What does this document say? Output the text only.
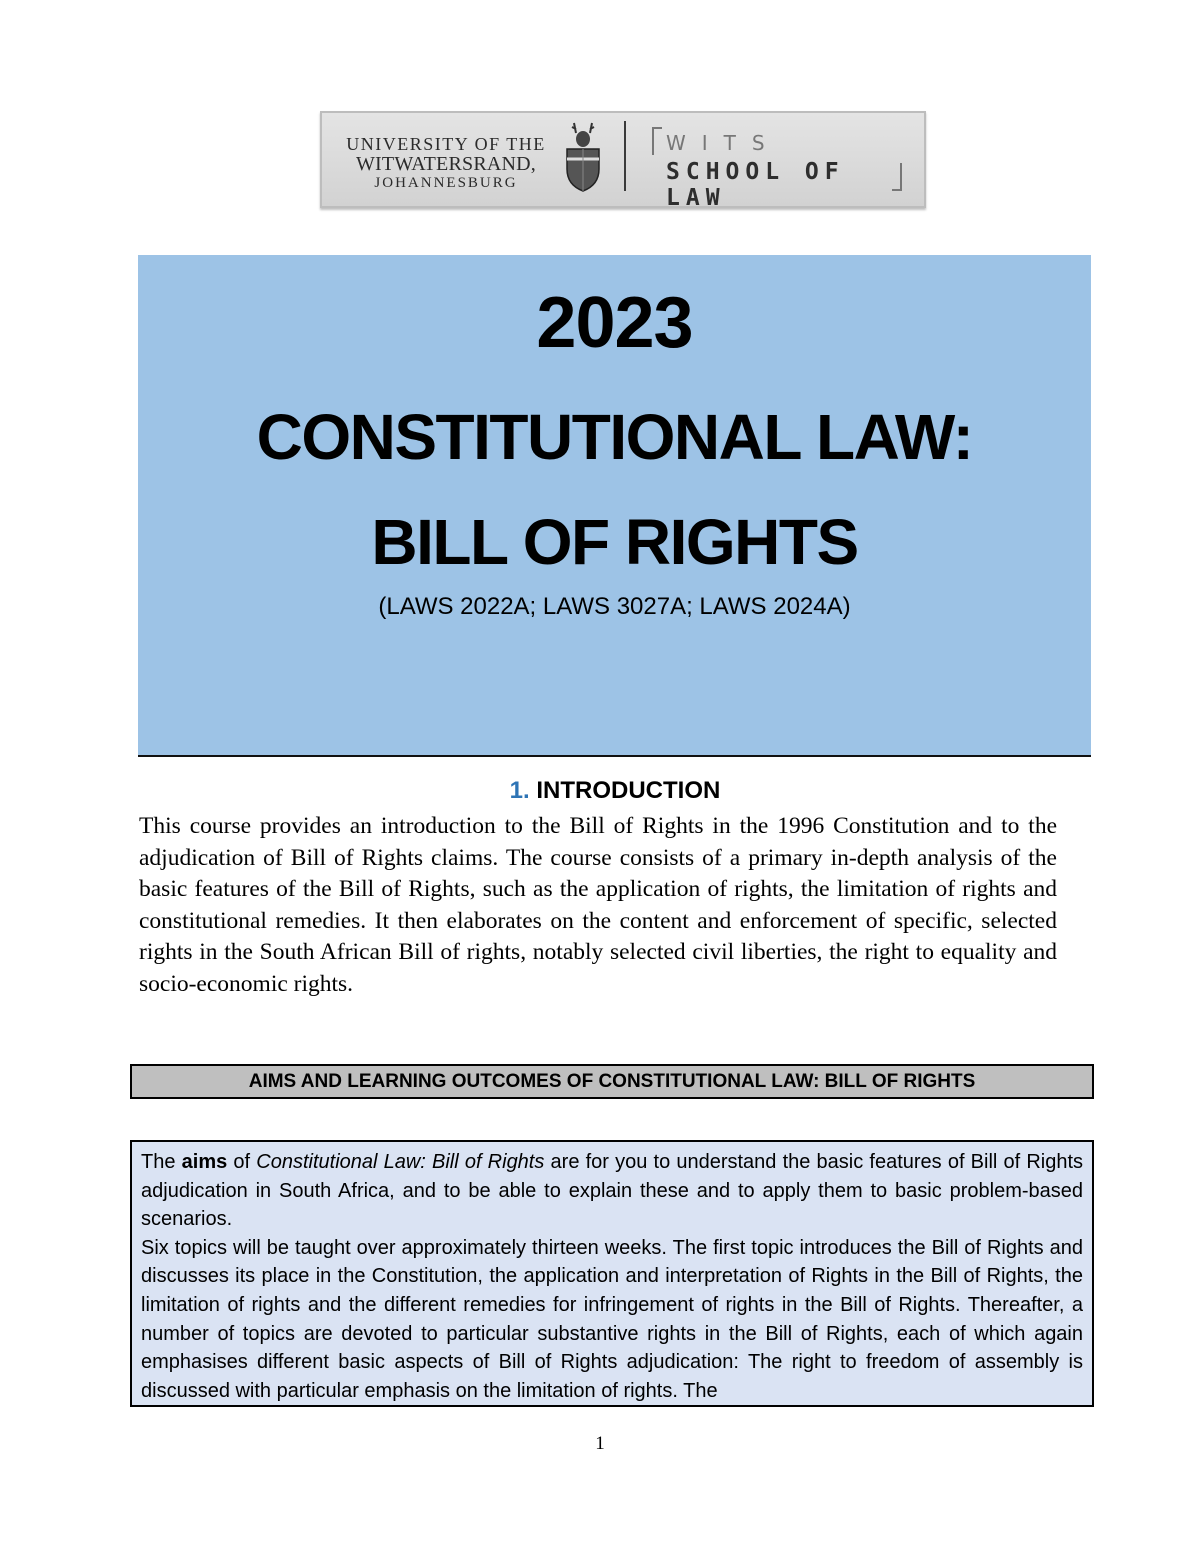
UNIVERSITY OF THE
WITWATERSRAND,
JOHANNESBURG
WITS
SCHOOL OF LAW
2023
CONSTITUTIONAL LAW:
BILL OF RIGHTS
(LAWS 2022A; LAWS 3027A; LAWS 2024A)
1. INTRODUCTION

This course provides an introduction to the Bill of Rights in the 1996 Constitution and to the adjudication of Bill of Rights claims. The course consists of a primary in-depth analysis of the basic features of the Bill of Rights, such as the application of rights, the limitation of rights and constitutional remedies. It then elaborates on the content and enforcement of specific, selected rights in the South African Bill of rights, notably selected civil liberties, the right to equality and socio-economic rights.

AIMS AND LEARNING OUTCOMES OF CONSTITUTIONAL LAW: BILL OF RIGHTS

The aims of Constitutional Law: Bill of Rights are for you to understand the basic features of Bill of Rights adjudication in South Africa, and to be able to explain these and to apply them to basic problem-based scenarios.

Six topics will be taught over approximately thirteen weeks. The first topic introduces the Bill of Rights and discusses its place in the Constitution, the application and interpretation of Rights in the Bill of Rights, the limitation of rights and the different remedies for infringement of rights in the Bill of Rights. Thereafter, a number of topics are devoted to particular substantive rights in the Bill of Rights, each of which again emphasises different basic aspects of Bill of Rights adjudication: The right to freedom of assembly is discussed with particular emphasis on the limitation of rights. The

1
